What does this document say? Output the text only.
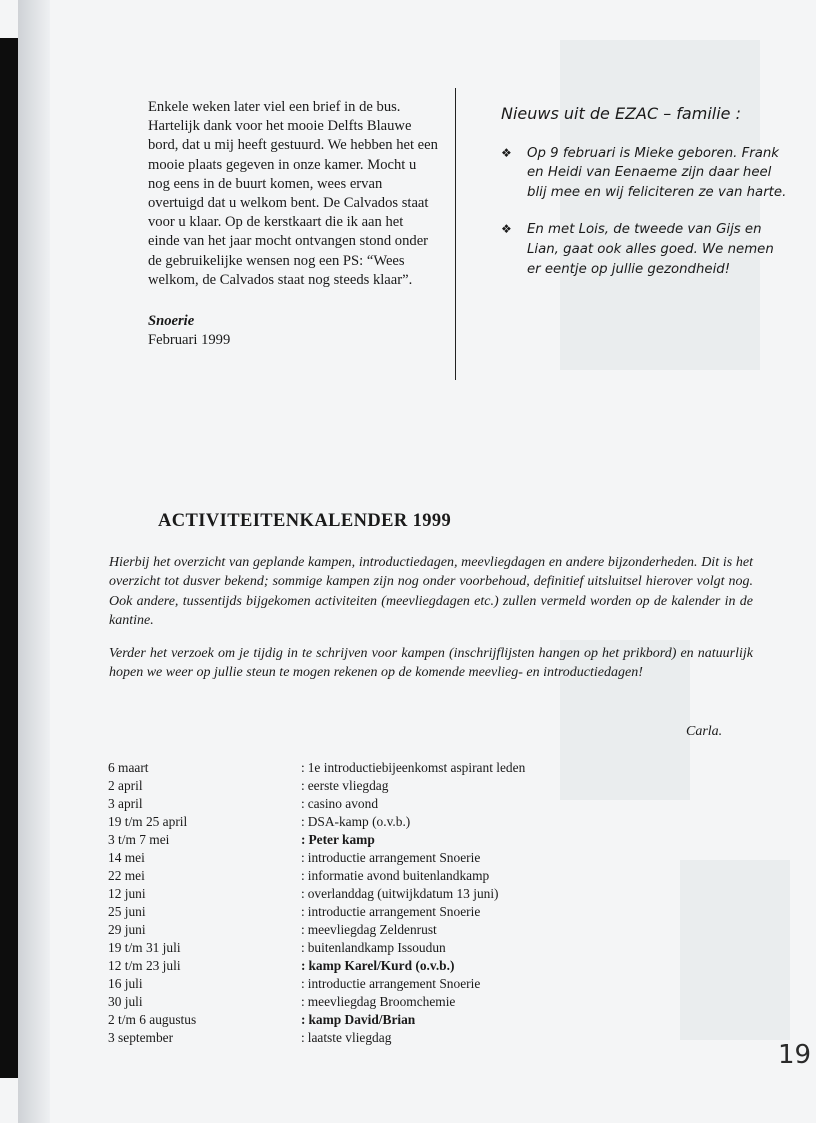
Enkele weken later viel een brief in de bus. Hartelijk dank voor het mooie Delfts Blauwe bord, dat u mij heeft gestuurd. We hebben het een mooie plaats gegeven in onze kamer. Mocht u nog eens in de buurt komen, wees ervan overtuigd dat u welkom bent. De Calvados staat voor u klaar. Op de kerstkaart die ik aan het einde van het jaar mocht ontvangen stond onder de gebruikelijke wensen nog een PS: “Wees welkom, de Calvados staat nog steeds klaar”.

Snoerie

Februari 1999

Nieuws uit de EZAC – familie :
❖	Op 9 februari is Mieke geboren. Frank en Heidi van Eenaeme zijn daar heel blij mee en wij feliciteren ze van harte.
❖	En met Lois, de tweede van Gijs en Lian, gaat ook alles goed. We nemen er eentje op jullie gezondheid!
ACTIVITEITENKALENDER 1999

Hierbij het overzicht van geplande kampen, introductiedagen, meevliegdagen en andere bijzonderheden. Dit is het overzicht tot dusver bekend; sommige kampen zijn nog onder voorbehoud, definitief uitsluitsel hierover volgt nog. Ook andere, tussentijds bijgekomen activiteiten (meevliegdagen etc.) zullen vermeld worden op de kalender in de kantine.

Verder het verzoek om je tijdig in te schrijven voor kampen (inschrijflijsten hangen op het prikbord) en natuurlijk hopen we weer op jullie steun te mogen rekenen op de komende meevlieg- en introductiedagen!

Carla.
6 maart	: 1e introductiebijeenkomst aspirant leden
2 april	: eerste vliegdag
3 april	: casino avond
19 t/m 25 april	: DSA-kamp (o.v.b.)
3 t/m 7 mei	: Peter kamp
14 mei	: introductie arrangement Snoerie
22 mei	: informatie avond buitenlandkamp
12 juni	: overlanddag (uitwijkdatum 13 juni)
25 juni	: introductie arrangement Snoerie
29 juni	: meevliegdag Zeldenrust
19 t/m 31 juli	: buitenlandkamp Issoudun
12 t/m 23 juli	: kamp Karel/Kurd (o.v.b.)
16 juli	: introductie arrangement Snoerie
30 juli	: meevliegdag Broomchemie
2 t/m 6 augustus	: kamp David/Brian
3 september	: laatste vliegdag
19
